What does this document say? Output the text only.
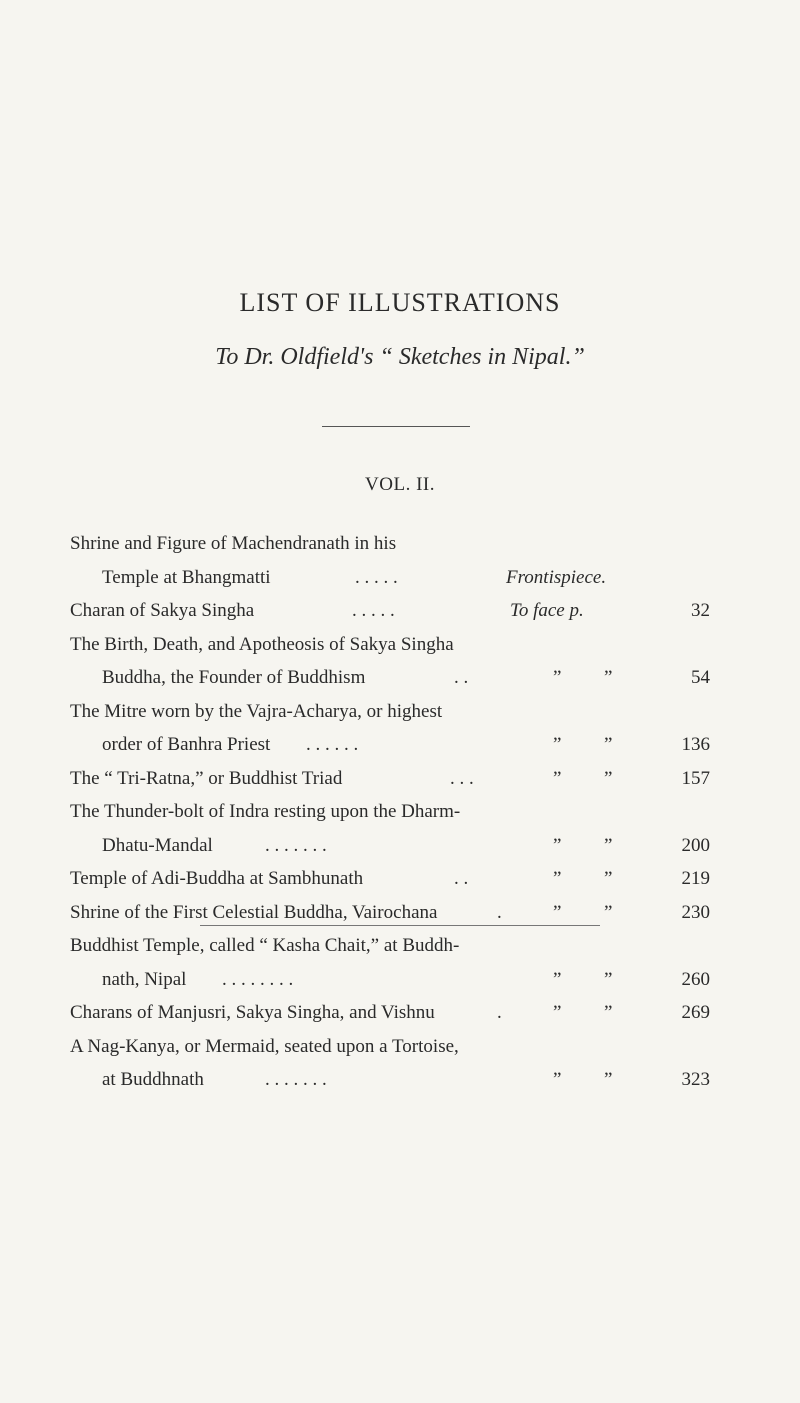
LIST OF ILLUSTRATIONS
To Dr. Oldfield's “ Sketches in Nipal.”
VOL. II.
Shrine and Figure of Machendranath in his
Temple at Bhangmatti	. . . . .	Frontispiece.
Charan of Sakya Singha	. . . . .	To face p.	32
The Birth, Death, and Apotheosis of Sakya Singha
Buddha, the Founder of Buddhism	. .	” ”	54
The Mitre worn by the Vajra-Acharya, or highest
order of Banhra Priest . . . . . .	” ”	136
The “ Tri-Ratna,” or Buddhist Triad	. . .	” ”	157
The Thunder-bolt of Indra resting upon the Dharm-
Dhatu-Mandal	. . . . . . .	” ”	200
Temple of Adi-Buddha at Sambhunath	. .	” ”	219
Shrine of the First Celestial Buddha, Vairochana	.	” ”	230
Buddhist Temple, called “ Kasha Chait,” at Buddh-
nath, Nipal . . . . . . . .	” ”	260
Charans of Manjusri, Sakya Singha, and Vishnu	.	” ”	269
A Nag-Kanya, or Mermaid, seated upon a Tortoise,
at Buddhnath	. . . . . . .	” ”	323
